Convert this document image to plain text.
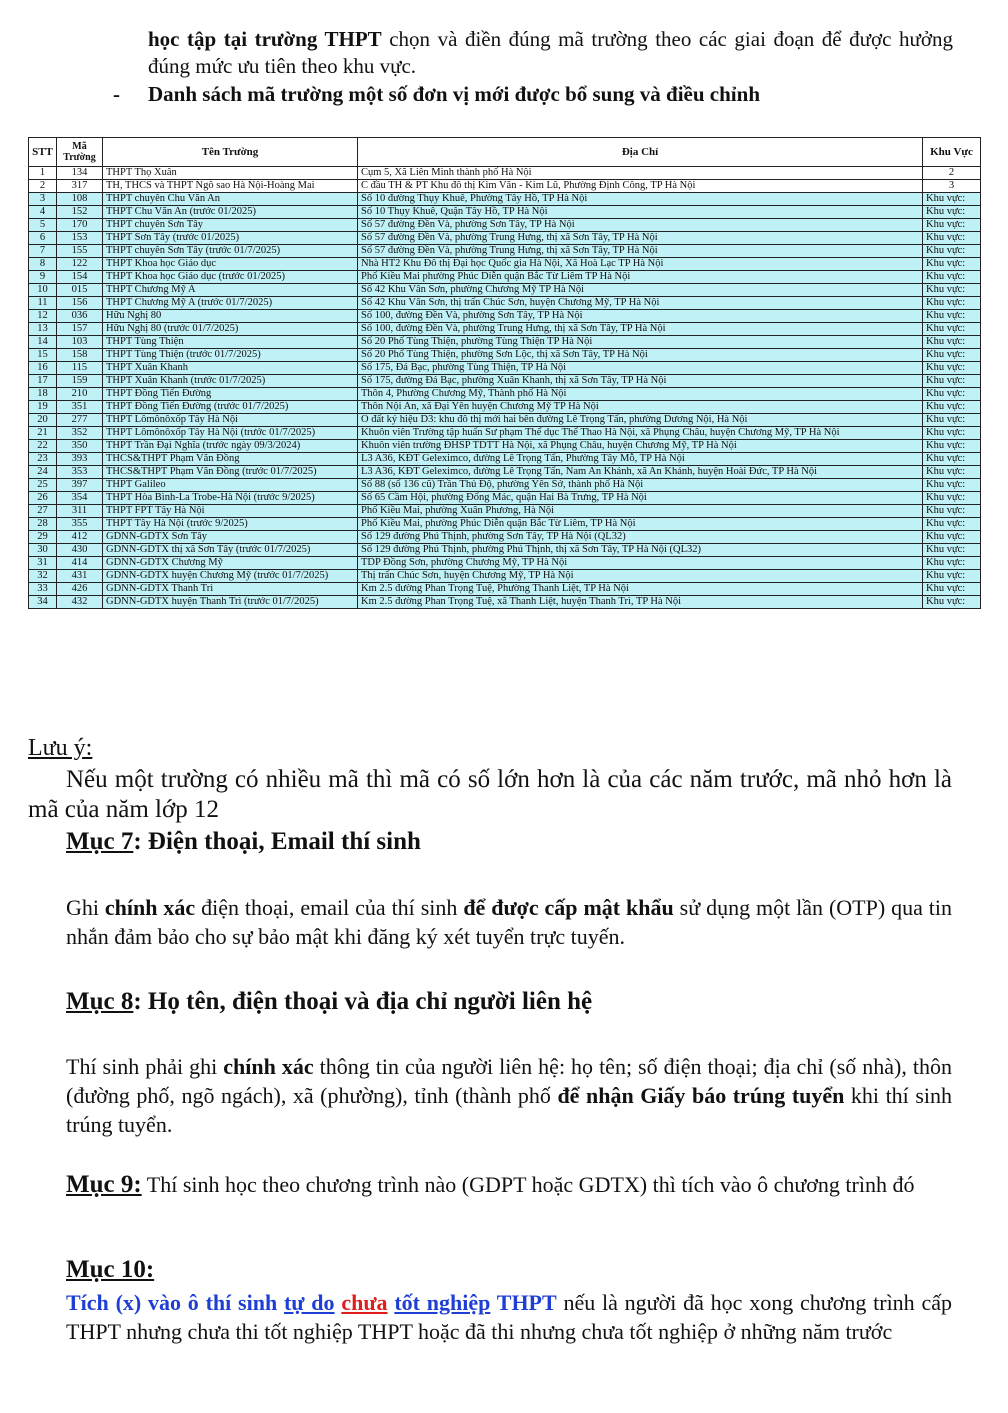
học tập tại trường THPT chọn và điền đúng mã trường theo các giai đoạn để được hưởng đúng mức ưu tiên theo khu vực.
- Danh sách mã trường một số đơn vị mới được bổ sung và điều chỉnh
STT	Mã Trường	Tên Trường	Địa Chỉ	Khu Vực
1	134	THPT Thọ Xuân	Cụm 5, Xã Liên Minh thành phố Hà Nội	2
2	317	TH, THCS và THPT Ngô sao Hà Nội-Hoàng Mai	C đầu TH & PT Khu đô thị Kim Văn - Kim Lũ, Phường Định Công, TP Hà Nội	3
3	108	THPT chuyên Chu Văn An	Số 10 đường Thụy Khuê, Phường Tây Hồ, TP Hà Nội	Khu vực:
4	152	THPT Chu Văn An (trước 01/2025)	Số 10 Thụy Khuê, Quận Tây Hồ, TP Hà Nội	Khu vực:
5	170	THPT chuyên Sơn Tây	Số 57 đường Đền Và, phường Sơn Tây, TP Hà Nội	Khu vực:
6	153	THPT Sơn Tây (trước 01/2025)	Số 57 đường Đền Và, phường Trung Hưng, thị xã Sơn Tây, TP Hà Nội	Khu vực:
7	155	THPT chuyên Sơn Tây (trước 01/7/2025)	Số 57 đường Đền Và, phường Trung Hưng, thị xã Sơn Tây, TP Hà Nội	Khu vực:
8	122	THPT Khoa học Giáo dục	Nhà HT2 Khu Đô thị Đại học Quốc gia Hà Nội, Xã Hoà Lạc TP Hà Nội	Khu vực:
9	154	THPT Khoa học Giáo dục (trước 01/2025)	Phố Kiều Mai phường Phúc Diễn quận Bắc Từ Liêm TP Hà Nội	Khu vực:
10	015	THPT Chương Mỹ A	Số 42 Khu Vân Sơn, phường Chương Mỹ TP Hà Nội	Khu vực:
11	156	THPT Chương Mỹ A (trước 01/7/2025)	Số 42 Khu Vân Sơn, thị trấn Chúc Sơn, huyện Chương Mỹ, TP Hà Nội	Khu vực:
12	036	Hữu Nghị 80	Số 100, đường Đền Và, phường Sơn Tây, TP Hà Nội	Khu vực:
13	157	Hữu Nghị 80 (trước 01/7/2025)	Số 100, đường Đền Và, phường Trung Hưng, thị xã Sơn Tây, TP Hà Nội	Khu vực:
14	103	THPT Tùng Thiện	Số 20 Phố Tùng Thiện, phường Tùng Thiện TP Hà Nội	Khu vực:
15	158	THPT Tùng Thiện (trước 01/7/2025)	Số 20 Phố Tùng Thiện, phường Sơn Lộc, thị xã Sơn Tây, TP Hà Nội	Khu vực:
16	115	THPT Xuân Khanh	Số 175, Đá Bạc, phường Tùng Thiện, TP Hà Nội	Khu vực:
17	159	THPT Xuân Khanh (trước 01/7/2025)	Số 175, đường Đá Bạc, phường Xuân Khanh, thị xã Sơn Tây, TP Hà Nội	Khu vực:
18	210	THPT Đồng Tiến Đường	Thôn 4, Phường Chương Mỹ, Thành phố Hà Nội	Khu vực:
19	351	THPT Đồng Tiến Đường (trước 01/7/2025)	Thôn Nội An, xã Đại Yên huyện Chương Mỹ TP Hà Nội	Khu vực:
20	277	THPT Lômônôxốp Tây Hà Nội	Ô đất ký hiệu D3: khu đô thị mới hai bên đường Lê Trọng Tấn, phường Dương Nội, Hà Nội	Khu vực:
21	352	THPT Lômônôxốp Tây Hà Nội (trước 01/7/2025)	Khuôn viên Trường tập huấn Sư phạm Thể dục Thể Thao Hà Nội, xã Phụng Châu, huyện Chương Mỹ, TP Hà Nội	Khu vực:
22	350	THPT Trần Đại Nghĩa (trước ngày 09/3/2024)	Khuôn viên trường ĐHSP TDTT Hà Nội, xã Phụng Châu, huyện Chương Mỹ, TP Hà Nội	Khu vực:
23	393	THCS&THPT Phạm Văn Đồng	L3 A36, KĐT Geleximco, đường Lê Trọng Tấn, Phường Tây Mỗ, TP Hà Nội	Khu vực:
24	353	THCS&THPT Phạm Văn Đồng (trước 01/7/2025)	L3 A36, KĐT Geleximco, đường Lê Trọng Tấn, Nam An Khánh, xã An Khánh, huyện Hoài Đức, TP Hà Nội	Khu vực:
25	397	THPT Galileo	Số 88 (số 136 cũ) Trần Thủ Độ, phường Yên Sở, thành phố Hà Nội	Khu vực:
26	354	THPT Hòa Bình-La Trobe-Hà Nội (trước 9/2025)	Số 65 Cầm Hội, phường Đống Mác, quận Hai Bà Trưng, TP Hà Nội	Khu vực:
27	311	THPT FPT Tây Hà Nội	Phố Kiều Mai, phường Xuân Phương, Hà Nội	Khu vực:
28	355	THPT Tây Hà Nội (trước 9/2025)	Phố Kiều Mai, phường Phúc Diễn quận Bắc Từ Liêm, TP Hà Nội	Khu vực:
29	412	GDNN-GDTX Sơn Tây	Số 129 đường Phú Thịnh, phường Sơn Tây, TP Hà Nội (QL32)	Khu vực:
30	430	GDNN-GDTX thị xã Sơn Tây (trước 01/7/2025)	Số 129 đường Phú Thịnh, phường Phú Thịnh, thị xã Sơn Tây, TP Hà Nội (QL32)	Khu vực:
31	414	GDNN-GDTX Chương Mỹ	TDP Đồng Sơn, phường Chương Mỹ, TP Hà Nội	Khu vực:
32	431	GDNN-GDTX huyện Chương Mỹ (trước 01/7/2025)	Thị trấn Chúc Sơn, huyện Chương Mỹ, TP Hà Nội	Khu vực:
33	426	GDNN-GDTX Thanh Trì	Km 2.5 đường Phan Trọng Tuệ, Phường Thanh Liệt, TP Hà Nội	Khu vực:
34	432	GDNN-GDTX huyện Thanh Trì (trước 01/7/2025)	Km 2.5 đường Phan Trọng Tuệ, xã Thanh Liệt, huyện Thanh Trì, TP Hà Nội	Khu vực:
Lưu ý:
Nếu một trường có nhiều mã thì mã có số lớn hơn là của các năm trước, mã nhỏ hơn là mã của năm lớp 12
Mục 7: Điện thoại, Email thí sinh
Ghi chính xác điện thoại, email của thí sinh để được cấp mật khẩu sử dụng một lần (OTP) qua tin nhắn đảm bảo cho sự bảo mật khi đăng ký xét tuyển trực tuyến.
Mục 8: Họ tên, điện thoại và địa chỉ người liên hệ
Thí sinh phải ghi chính xác thông tin của người liên hệ: họ tên; số điện thoại; địa chỉ (số nhà), thôn (đường phố, ngõ ngách), xã (phường), tỉnh (thành phố để nhận Giấy báo trúng tuyển khi thí sinh trúng tuyển.
Mục 9: Thí sinh học theo chương trình nào (GDPT hoặc GDTX) thì tích vào ô chương trình đó
Mục 10:
Tích (x) vào ô thí sinh tự do chưa tốt nghiệp THPT nếu là người đã học xong chương trình cấp THPT nhưng chưa thi tốt nghiệp THPT hoặc đã thi nhưng chưa tốt nghiệp ở những năm trước
